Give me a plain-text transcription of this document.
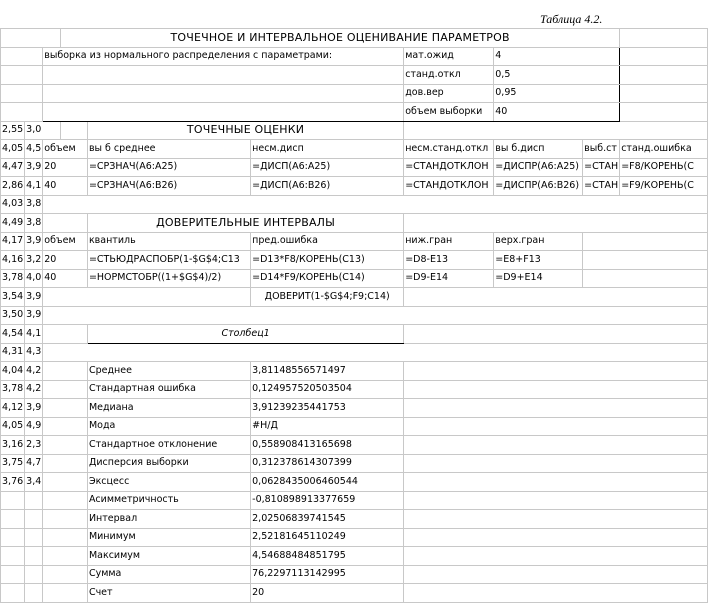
Таблица 4.2.
			ТОЧЕЧНОЕ И ИНТЕРВАЛЬНОЕ ОЦЕНИВАНИЕ ПАРАМЕТРОВ						
		выборка из нормального распределения с параметрами:				мат.ожид	4		
						станд.откл	0,5		
						дов.вер	0,95		
						объем выборки	40		
2,55	3,0			ТОЧЕЧНЫЕ ОЦЕНКИ					
4,05	4,5	объем		вы б среднее	несм.дисп	несм.станд.откл	вы б.дисп	выб.ст	станд.ошибка
4,47	3,9	20		=СРЗНАЧ(A6:A25)	=ДИСП(A6:A25)	=СТАНДОТКЛОН	=ДИСПР(A6:A25)	=СТАН	=F8/КОРЕНЬ(С
2,86	4,1	40		=СРЗНАЧ(A6:B26)	=ДИСП(A6:B26)	=СТАНДОТКЛОН	=ДИСПР(A6:B26)	=СТАН	=F9/КОРЕНЬ(С
4,03	3,8								
4,49	3,8			ДОВЕРИТЕЛЬНЫЕ ИНТЕРВАЛЫ					
4,17	3,9	объем		квантиль	пред.ошибка	ниж.гран	верх.гран		
4,16	3,2	20		=СТЬЮДРАСПОБР(1-$G$4;C13	=D13*F8/КОРЕНЬ(C13)	=D8-E13	=E8+F13		
3,78	4,0	40		=НОРМСТОБР((1+$G$4)/2)	=D14*F9/КОРЕНЬ(C14)	=D9-E14	=D9+E14		
3,54	3,9				ДОВЕРИТ(1-$G$4;F9;C14)				
3,50	3,9								
4,54	4,1			Столбец1					
4,31	4,3								
4,04	4,2			Среднее	3,81148556571497				
3,78	4,2			Стандартная ошибка	0,124957520503504				
4,12	3,9			Медиана	3,91239235441753				
4,05	4,9			Мода	#Н/Д				
3,16	2,3			Стандартное отклонение	0,558908413165698				
3,75	4,7			Дисперсия выборки	0,312378614307399				
3,76	3,4			Эксцесс	0,0628435006460544				
				Асимметричность	-0,810898913377659				
				Интервал	2,02506839741545				
				Минимум	2,52181645110249				
				Максимум	4,54688484851795				
				Сумма	76,2297113142995				
				Счет	20				
